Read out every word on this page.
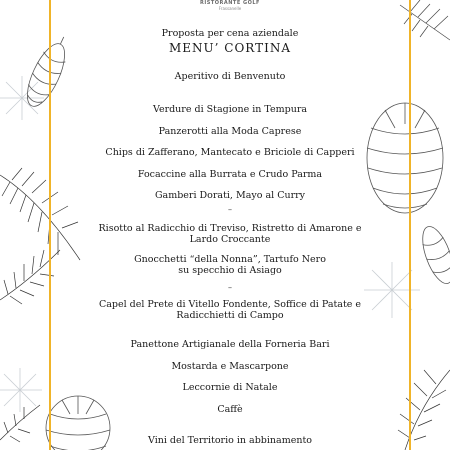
RISTORANTE GOLF
Frassanelle
Proposta per cena aziendale
MENU’ CORTINA
Aperitivo di Benvenuto
Verdure di Stagione in Tempura
Panzerotti alla Moda Caprese
Chips di Zafferano, Mantecato e Briciole di Capperi
Focaccine alla Burrata e Crudo Parma
Gamberi Dorati, Mayo al Curry
–
Risotto al Radicchio di Treviso, Ristretto di Amarone e
Lardo Croccante
Gnocchetti “della Nonna”, Tartufo Nero
su specchio di Asiago
–
Capel del Prete di Vitello Fondente, Soffice di Patate e
Radicchietti di Campo
Panettone Artigianale della Forneria Bari
Mostarda e Mascarpone
Leccornie di Natale
Caffè
Vini del Territorio in abbinamento
